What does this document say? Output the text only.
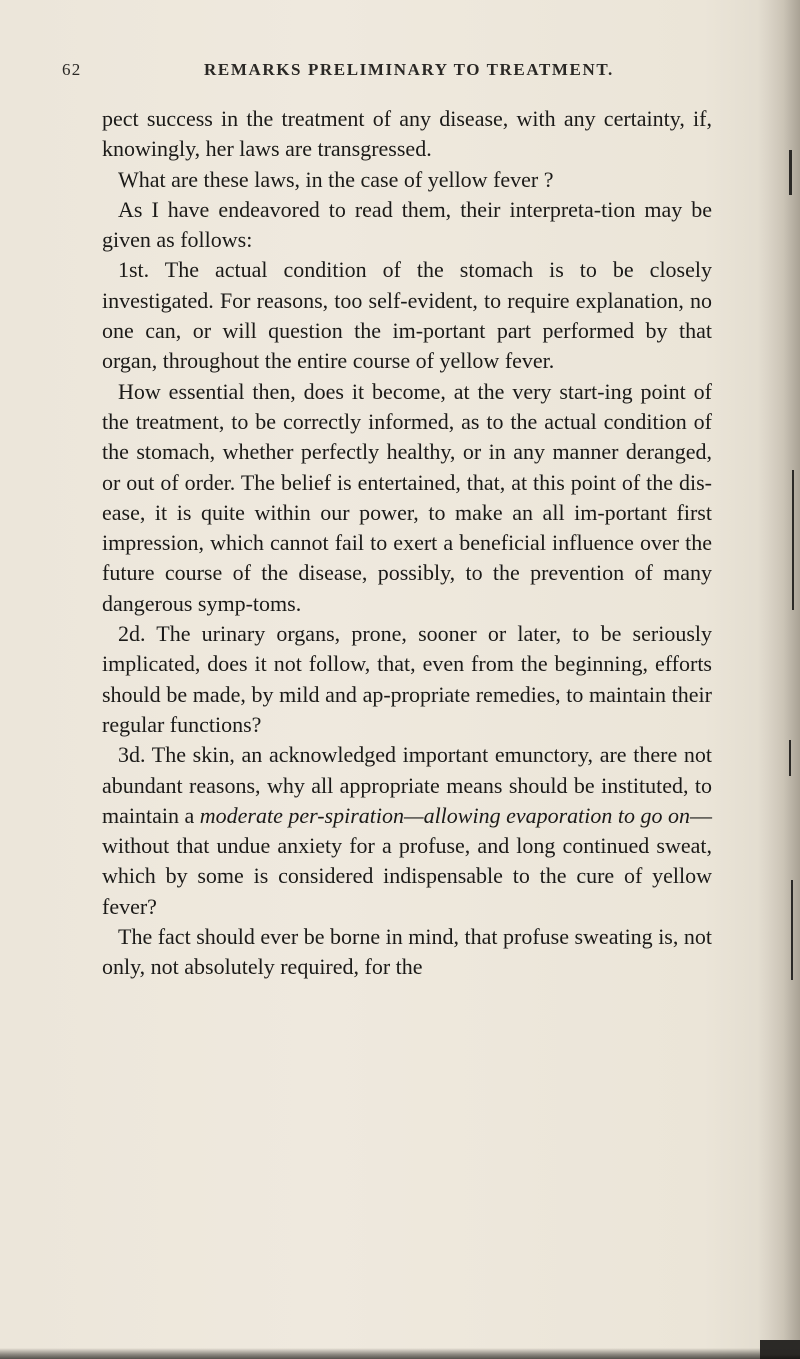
62	REMARKS PRELIMINARY TO TREATMENT.

pect success in the treatment of any disease, with any certainty, if, knowingly, her laws are transgressed.

What are these laws, in the case of yellow fever ?

As I have endeavored to read them, their interpreta-tion may be given as follows:

1st. The actual condition of the stomach is to be closely investigated. For reasons, too self-evident, to require explanation, no one can, or will question the im-portant part performed by that organ, throughout the entire course of yellow fever.

How essential then, does it become, at the very start-ing point of the treatment, to be correctly informed, as to the actual condition of the stomach, whether perfectly healthy, or in any manner deranged, or out of order. The belief is entertained, that, at this point of the dis-ease, it is quite within our power, to make an all im-portant first impression, which cannot fail to exert a beneficial influence over the future course of the disease, possibly, to the prevention of many dangerous symp-toms.

2d. The urinary organs, prone, sooner or later, to be seriously implicated, does it not follow, that, even from the beginning, efforts should be made, by mild and ap-propriate remedies, to maintain their regular functions?

3d. The skin, an acknowledged important emunctory, are there not abundant reasons, why all appropriate means should be instituted, to maintain a moderate per-spiration—allowing evaporation to go on—without that undue anxiety for a profuse, and long continued sweat, which by some is considered indispensable to the cure of yellow fever?

The fact should ever be borne in mind, that profuse sweating is, not only, not absolutely required, for the
